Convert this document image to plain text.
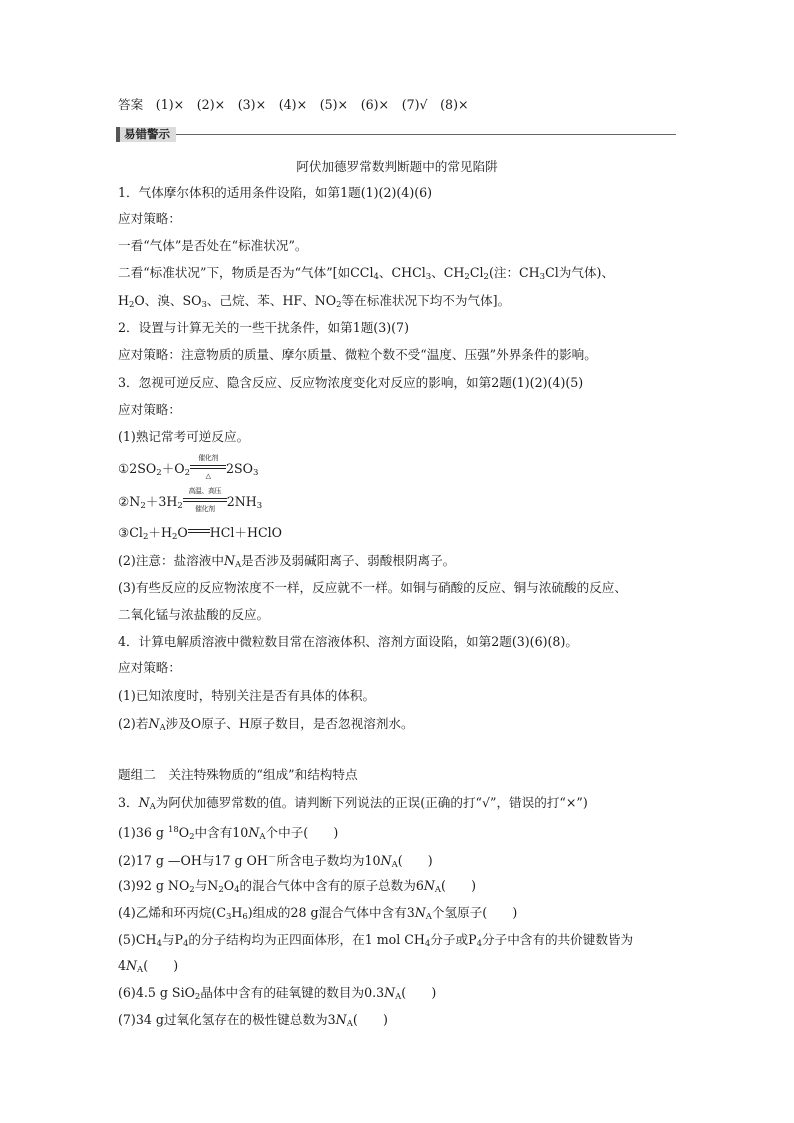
答案　(1)×　(2)×　(3)×　(4)×　(5)×　(6)×　(7)√　(8)×
易错警示
阿伏加德罗常数判断题中的常见陷阱
1．气体摩尔体积的适用条件设陷，如第1题(1)(2)(4)(6)
应对策略：
一看“气体”是否处在“标准状况”。
二看“标准状况”下，物质是否为“气体”[如CCl$_4$、CHCl$_3$、$CH_2Cl_2$(注：$CH_3Cl$为气体)、
$H_2O$、溴、$SO_3$、己烷、苯、HF、$NO_2$等在标准状况下均不为气体]。
2．设置与计算无关的一些干扰条件，如第1题(3)(7)
应对策略：注意物质的质量、摩尔质量、微粒个数不受“温度、压强”外界条件的影响。
3．忽视可逆反应、隐含反应、反应物浓度变化对反应的影响，如第2题(1)(2)(4)(5)
应对策略：
(1)熟记常考可逆反应。
$①2SO_2+O_2$
催化剂
△	$2SO_3$
$②N_2+3H_2$
高温、高压
催化剂 $2NH_3$
$③Cl_2+H_2O$ HCl＋HClO
(2)注意：盐溶液中$N_A$是否涉及弱碱阳离子、弱酸根阴离子。
(3)有些反应的反应物浓度不一样，反应就不一样。如铜与硝酸的反应、铜与浓硫酸的反应、
二氧化锰与浓盐酸的反应。
4．计算电解质溶液中微粒数目常在溶液体积、溶剂方面设陷，如第2题(3)(6)(8)。
应对策略：
(1)已知浓度时，特别关注是否有具体的体积。
(2)若$N_A$涉及O原子、H原子数目，是否忽视溶剂水。
题组二　关注特殊物质的“组成”和结构特点
3．$N_A$为阿伏加德罗常数的值。请判断下列说法的正误(正确的打“√”，错误的打“×”)
(1)36 g $^{18}O_2$中含有$10N_A$个中子(　　)
(2)17 g —OH与17 g OH－所含电子数均为$10N_A$(　　)
(3)92 g $NO_2$与$N_2O_4$的混合气体中含有的原子总数为$6N_A$(　　)
(4)乙烯和环丙烷$(C_3H_6)$组成的28 g混合气体中含有$3N_A$个氢原子(　　)
$(5)CH_4$与$P_4$的分子结构均为正四面体形，在1 mol $CH_4$分子或$P_4$分子中含有的共价键数皆为
$4N_A$(　　)
(6)4.5 g SiO$_2$晶体中含有的硅氧键的数目为$0.3N_A$(　　)
(7)34 g过氧化氢存在的极性键总数为$3N_A$(　　)
